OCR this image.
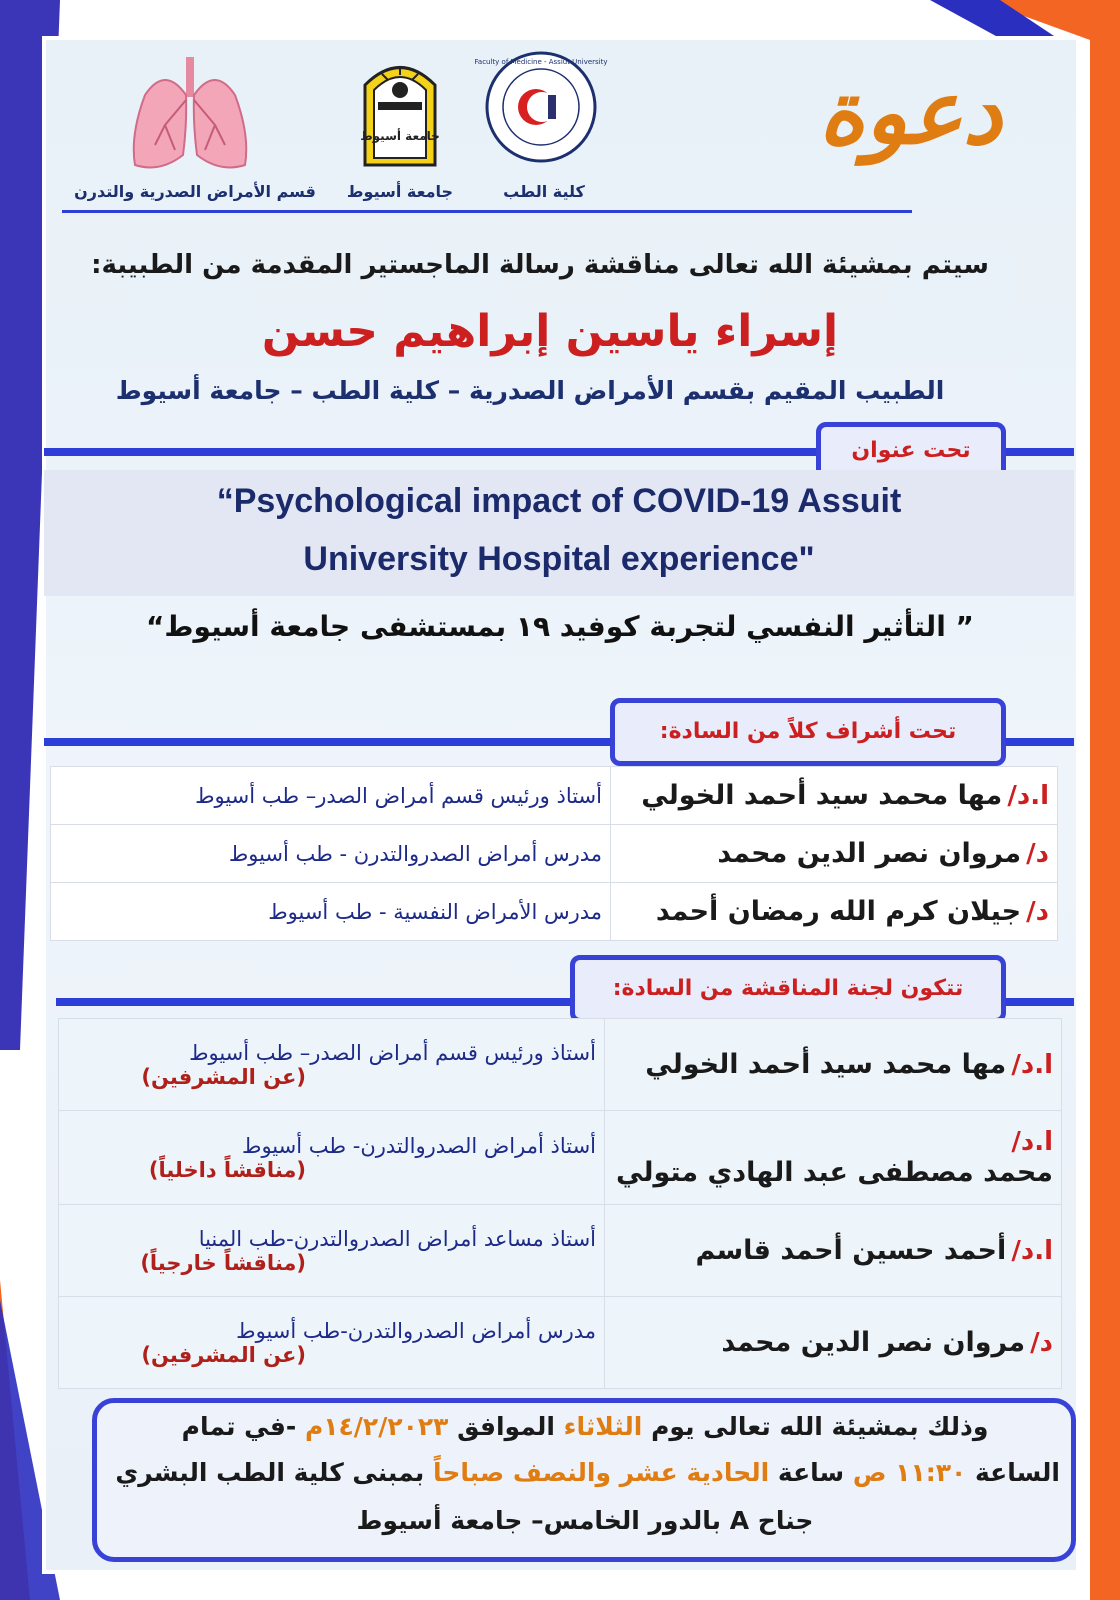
دعوة
Faculty of Medicine - Assiut University
كلية الطب
جامعة أسيوط
جامعة أسيوط
قسم الأمراض الصدرية والتدرن
سيتم بمشيئة الله تعالى مناقشة رسالة الماجستير المقدمة من الطبيبة:
إسراء ياسين إبراهيم حسن
الطبيب المقيم بقسم الأمراض الصدرية – كلية الطب – جامعة أسيوط
تحت عنوان
“Psychological impact of COVID-19 Assuit
University Hospital experience"
” التأثير النفسي لتجربة كوفيد ١٩ بمستشفى جامعة أسيوط“
تحت أشراف كلاً من السادة:
ا.د/ مها محمد سيد أحمد الخولي	أستاذ ورئيس قسم أمراض الصدر– طب أسيوط
د/ مروان نصر الدين محمد	مدرس أمراض الصدروالتدرن - طب أسيوط
د/ جيلان كرم الله رمضان أحمد	مدرس الأمراض النفسية - طب أسيوط
تتكون لجنة المناقشة من السادة:
ا.د/ مها محمد سيد أحمد الخولي	أستاذ ورئيس قسم أمراض الصدر– طب أسيوط
(عن المشرفين)

ا.د/ محمد مصطفى عبد الهادي متولي	أستاذ أمراض الصدروالتدرن- طب أسيوط
(مناقشاً داخلياً)

ا.د/ أحمد حسين أحمد قاسم	أستاذ مساعد أمراض الصدروالتدرن-طب المنيا
(مناقشاً خارجياً)

د/ مروان نصر الدين محمد	مدرس أمراض الصدروالتدرن-طب أسيوط
(عن المشرفين)
وذلك بمشيئة الله تعالى يوم الثلاثاء الموافق ١٤/٢/٢٠٢٣م -في تمام
الساعة ١١:٣٠ ص ساعة الحادية عشر والنصف صباحاً بمبنى كلية الطب البشري
جناح A بالدور الخامس– جامعة أسيوط
